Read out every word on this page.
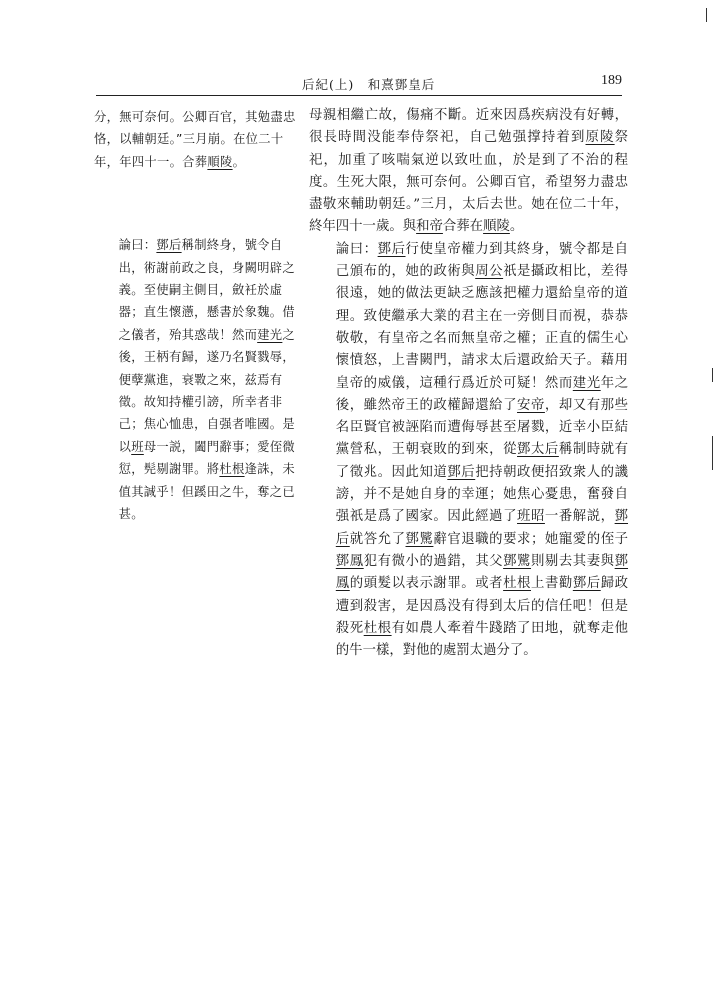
后紀(上)　和熹鄧皇后	189

分，無可奈何。公卿百官，其勉盡忠恪，以輔朝廷。”三月崩。在位二十年，年四十一。合葬順陵。

論曰：鄧后稱制終身，號令自出，術謝前政之良，身闕明辟之義。至使嗣主側目，斂衽於虛器；直生懷懣，懸書於象魏。借之儀者，殆其惑哉！然而建光之後，王柄有歸，遂乃名賢戮辱，便孽黨進，衰斁之來，兹焉有徵。故知持權引謗，所幸者非己；焦心恤患，自强者唯國。是以班母一説，闔門辭事；愛侄微愆，髡剔謝罪。將杜根逢誅，未值其誠乎！但蹊田之牛，奪之已甚。

母親相繼亡故，傷痛不斷。近來因爲疾病没有好轉，很長時間没能奉侍祭祀，自己勉强撑持着到原陵祭祀，加重了咳喘氣逆以致吐血，於是到了不治的程度。生死大限，無可奈何。公卿百官，希望努力盡忠盡敬來輔助朝廷。”三月，太后去世。她在位二十年，終年四十一歲。與和帝合葬在順陵。

論曰：鄧后行使皇帝權力到其終身，號令都是自己頒布的，她的政術與周公祇是攝政相比，差得很遠，她的做法更缺乏應該把權力還給皇帝的道理。致使繼承大業的君主在一旁側目而視，恭恭敬敬，有皇帝之名而無皇帝之權；正直的儒生心懷憤怒，上書闕門，請求太后還政給天子。藉用皇帝的威儀，這種行爲近於可疑！然而建光年之後，雖然帝王的政權歸還給了安帝，却又有那些名臣賢官被誣陷而遭侮辱甚至屠戮，近幸小臣結黨營私，王朝衰敗的到來，從鄧太后稱制時就有了徵兆。因此知道鄧后把持朝政便招致衆人的譏謗，并不是她自身的幸運；她焦心憂患，奮發自强祇是爲了國家。因此經過了班昭一番解説，鄧后就答允了鄧騭辭官退職的要求；她寵愛的侄子鄧鳳犯有微小的過錯，其父鄧騭則剔去其妻與鄧鳳的頭髮以表示謝罪。或者杜根上書勸鄧后歸政遭到殺害，是因爲没有得到太后的信任吧！但是殺死杜根有如農人牽着牛踐踏了田地，就奪走他的牛一樣，對他的處罰太過分了。
